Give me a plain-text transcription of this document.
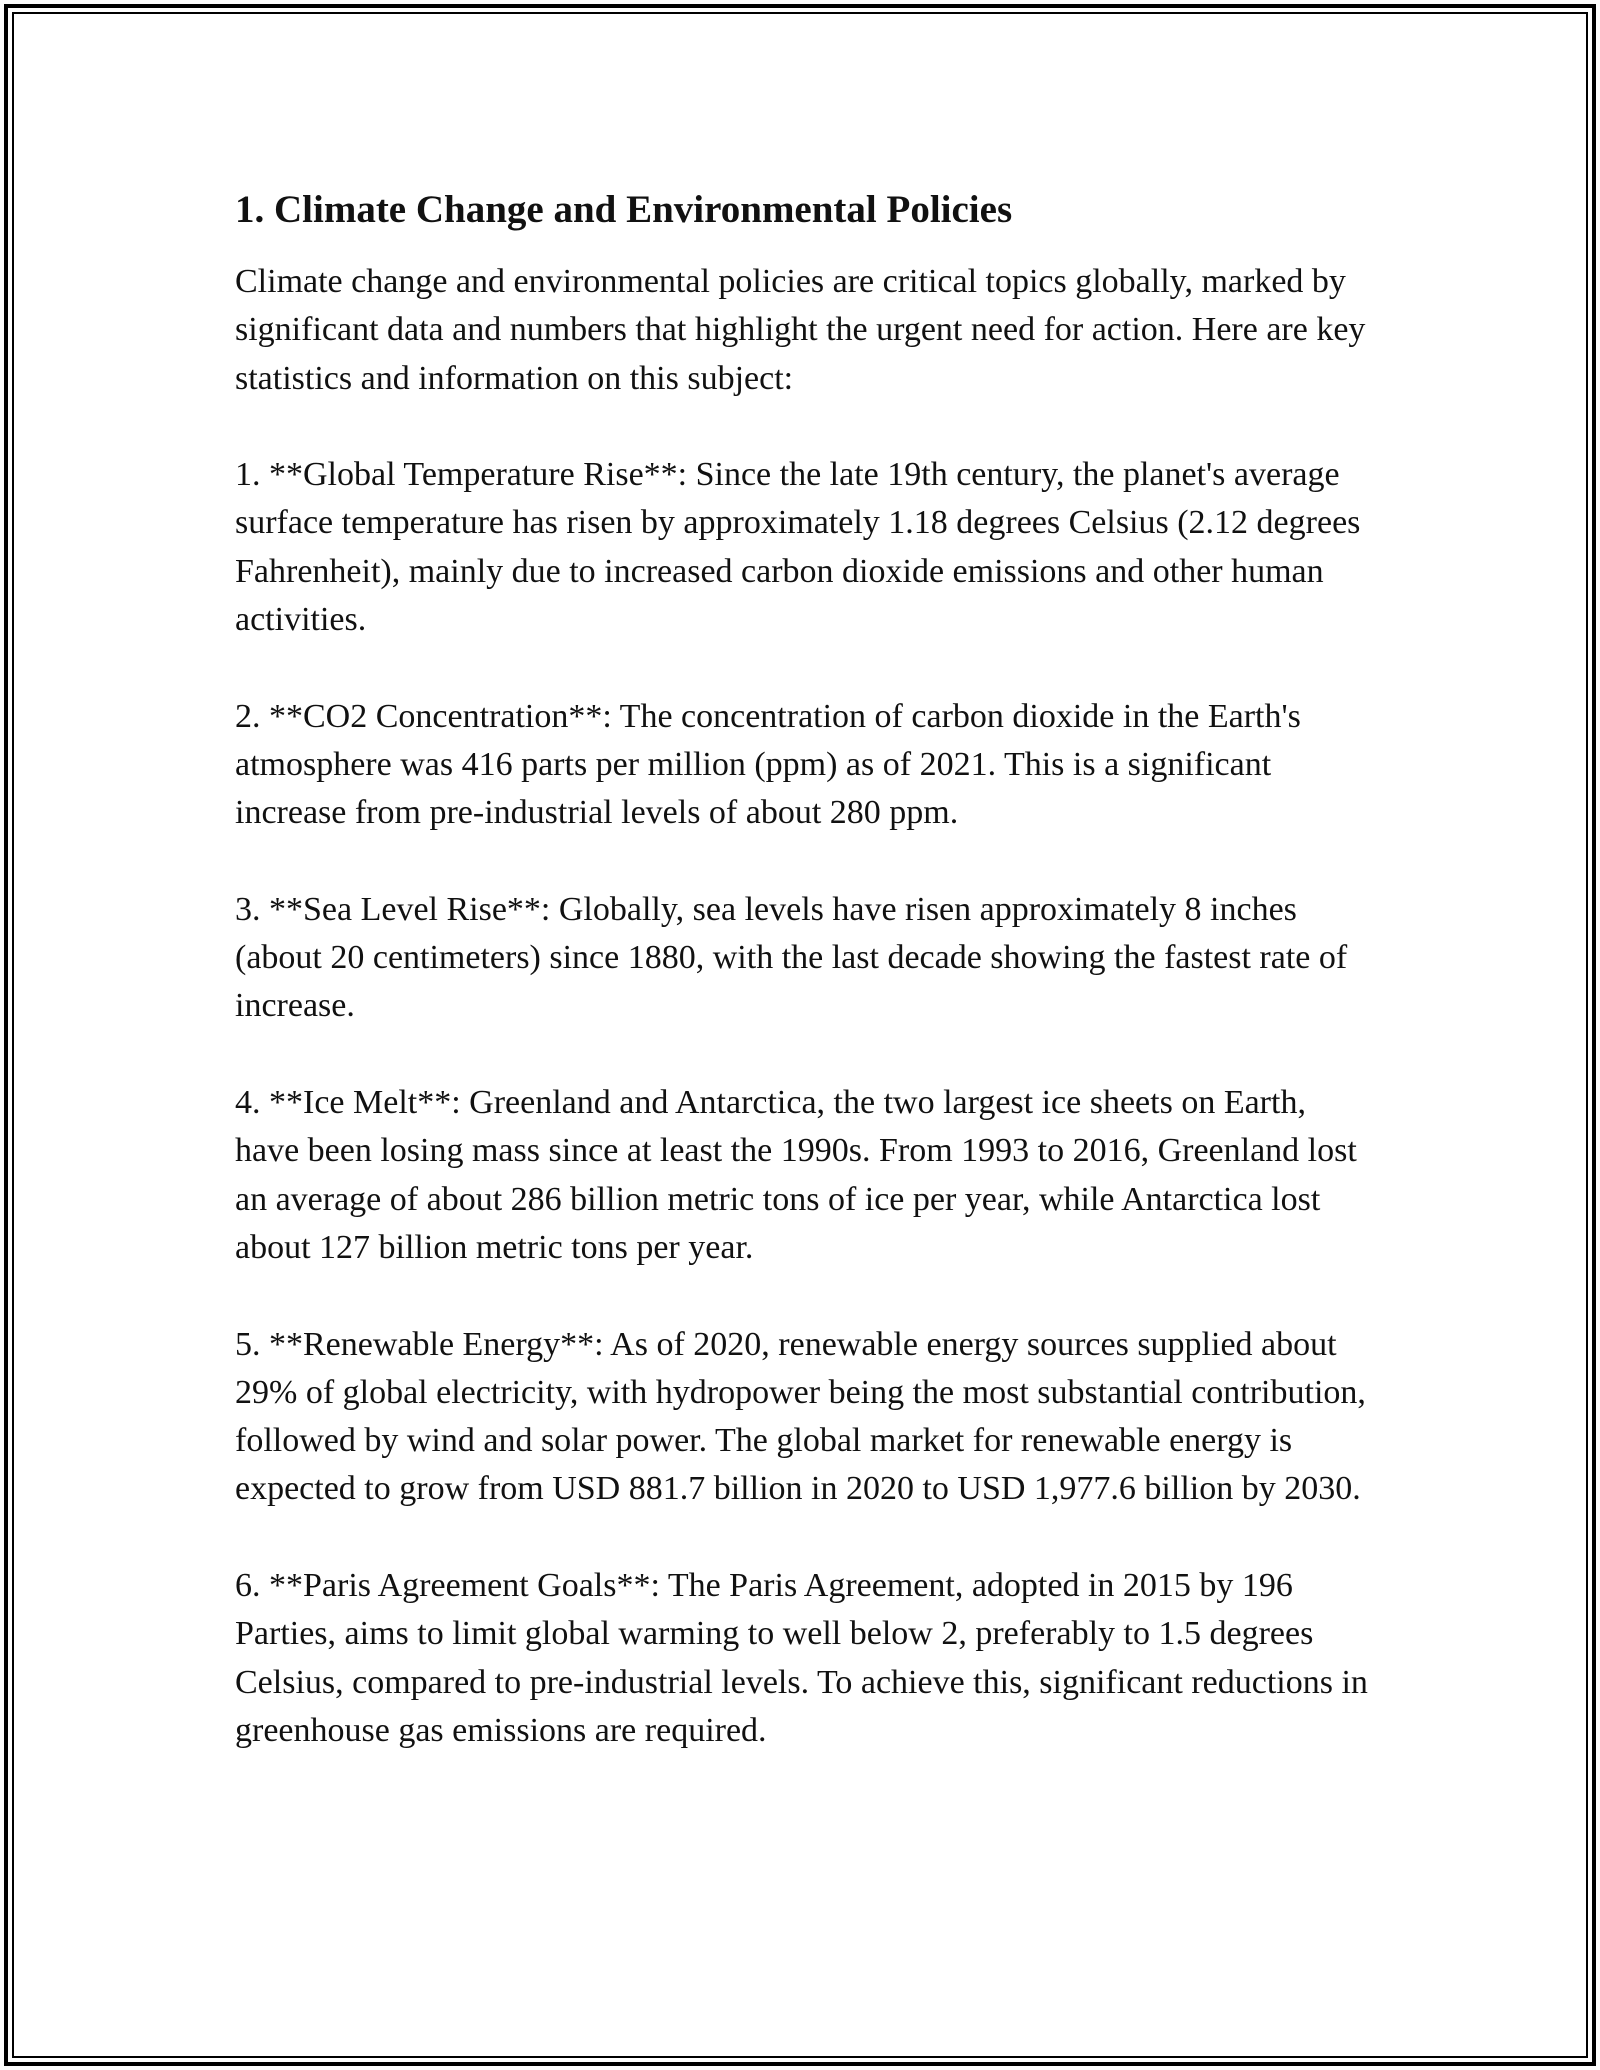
1. Climate Change and Environmental Policies

Climate change and environmental policies are critical topics globally, marked by significant data and numbers that highlight the urgent need for action. Here are key statistics and information on this subject:

1. **Global Temperature Rise**: Since the late 19th century, the planet's average surface temperature has risen by approximately 1.18 degrees Celsius (2.12 degrees Fahrenheit), mainly due to increased carbon dioxide emissions and other human activities.

2. **CO2 Concentration**: The concentration of carbon dioxide in the Earth's atmosphere was 416 parts per million (ppm) as of 2021. This is a significant increase from pre-industrial levels of about 280 ppm.

3. **Sea Level Rise**: Globally, sea levels have risen approximately 8 inches (about 20 centimeters) since 1880, with the last decade showing the fastest rate of increase.

4. **Ice Melt**: Greenland and Antarctica, the two largest ice sheets on Earth, have been losing mass since at least the 1990s. From 1993 to 2016, Greenland lost an average of about 286 billion metric tons of ice per year, while Antarctica lost about 127 billion metric tons per year.

5. **Renewable Energy**: As of 2020, renewable energy sources supplied about 29% of global electricity, with hydropower being the most substantial contribution, followed by wind and solar power. The global market for renewable energy is expected to grow from USD 881.7 billion in 2020 to USD 1,977.6 billion by 2030.

6. **Paris Agreement Goals**: The Paris Agreement, adopted in 2015 by 196 Parties, aims to limit global warming to well below 2, preferably to 1.5 degrees Celsius, compared to pre-industrial levels. To achieve this, significant reductions in greenhouse gas emissions are required.
